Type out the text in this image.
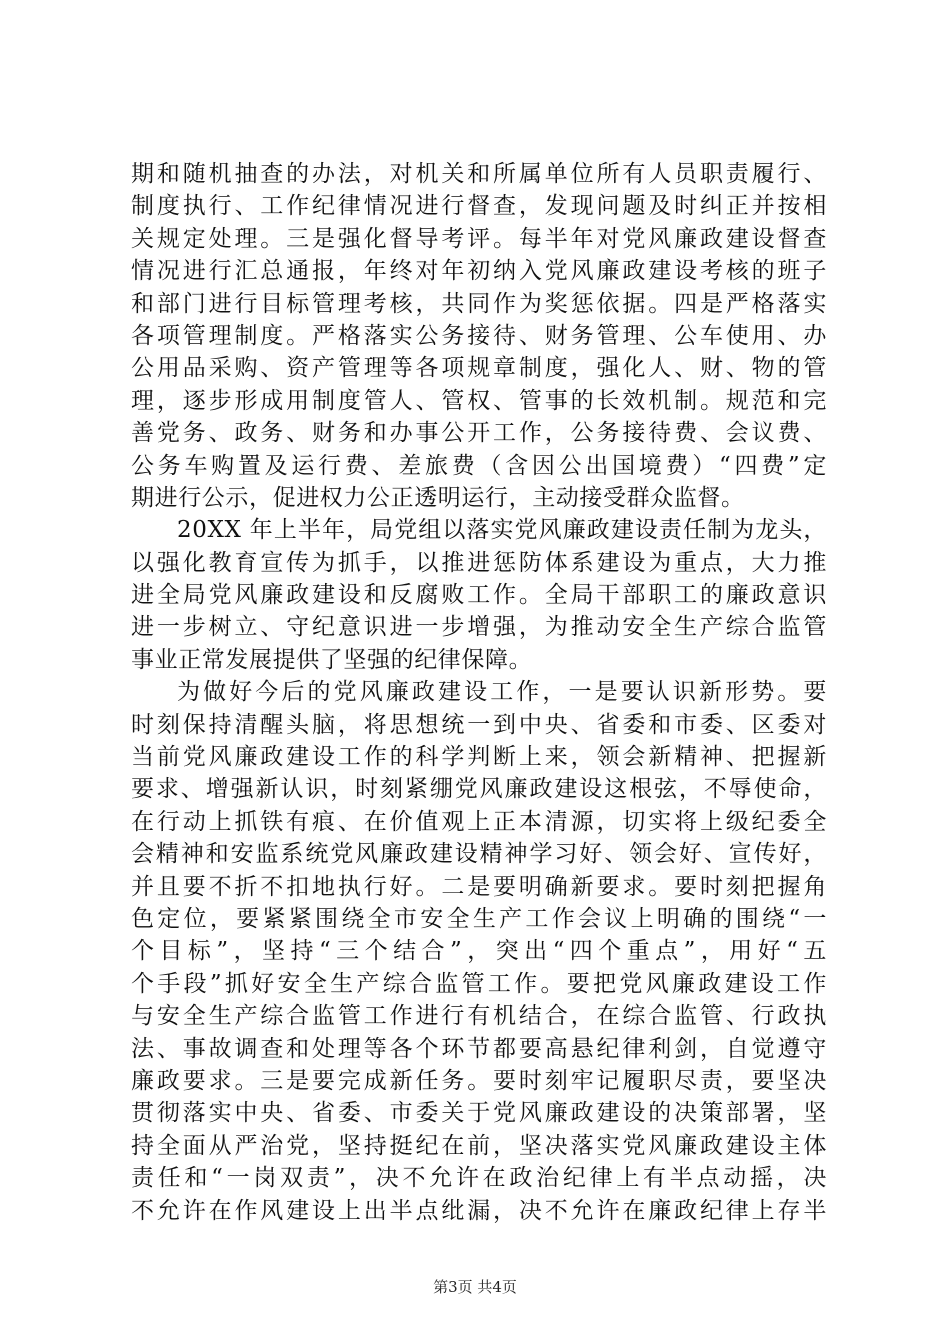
期和随机抽查的办法，对机关和所属单位所有人员职责履行、
制度执行、工作纪律情况进行督查，发现问题及时纠正并按相
关规定处理。三是强化督导考评。每半年对党风廉政建设督查
情况进行汇总通报，年终对年初纳入党风廉政建设考核的班子
和部门进行目标管理考核，共同作为奖惩依据。四是严格落实
各项管理制度。严格落实公务接待、财务管理、公车使用、办
公用品采购、资产管理等各项规章制度，强化人、财、物的管
理，逐步形成用制度管人、管权、管事的长效机制。规范和完
善党务、政务、财务和办事公开工作，公务接待费、会议费、
公务车购置及运行费、差旅费（含因公出国境费）“四费”定
期进行公示，促进权力公正透明运行，主动接受群众监督。
20XX 年上半年，局党组以落实党风廉政建设责任制为龙头，
以强化教育宣传为抓手，以推进惩防体系建设为重点，大力推
进全局党风廉政建设和反腐败工作。全局干部职工的廉政意识
进一步树立、守纪意识进一步增强，为推动安全生产综合监管
事业正常发展提供了坚强的纪律保障。
为做好今后的党风廉政建设工作，一是要认识新形势。要
时刻保持清醒头脑，将思想统一到中央、省委和市委、区委对
当前党风廉政建设工作的科学判断上来，领会新精神、把握新
要求、增强新认识，时刻紧绷党风廉政建设这根弦，不辱使命，
在行动上抓铁有痕、在价值观上正本清源，切实将上级纪委全
会精神和安监系统党风廉政建设精神学习好、领会好、宣传好，
并且要不折不扣地执行好。二是要明确新要求。要时刻把握角
色定位，要紧紧围绕全市安全生产工作会议上明确的围绕“一
个目标”，坚持“三个结合”，突出“四个重点”，用好“五
个手段”抓好安全生产综合监管工作。要把党风廉政建设工作
与安全生产综合监管工作进行有机结合，在综合监管、行政执
法、事故调查和处理等各个环节都要高悬纪律利剑，自觉遵守
廉政要求。三是要完成新任务。要时刻牢记履职尽责，要坚决
贯彻落实中央、省委、市委关于党风廉政建设的决策部署，坚
持全面从严治党，坚持挺纪在前，坚决落实党风廉政建设主体
责任和“一岗双责”，决不允许在政治纪律上有半点动摇，决
不允许在作风建设上出半点纰漏，决不允许在廉政纪律上存半
第3页 共4页
